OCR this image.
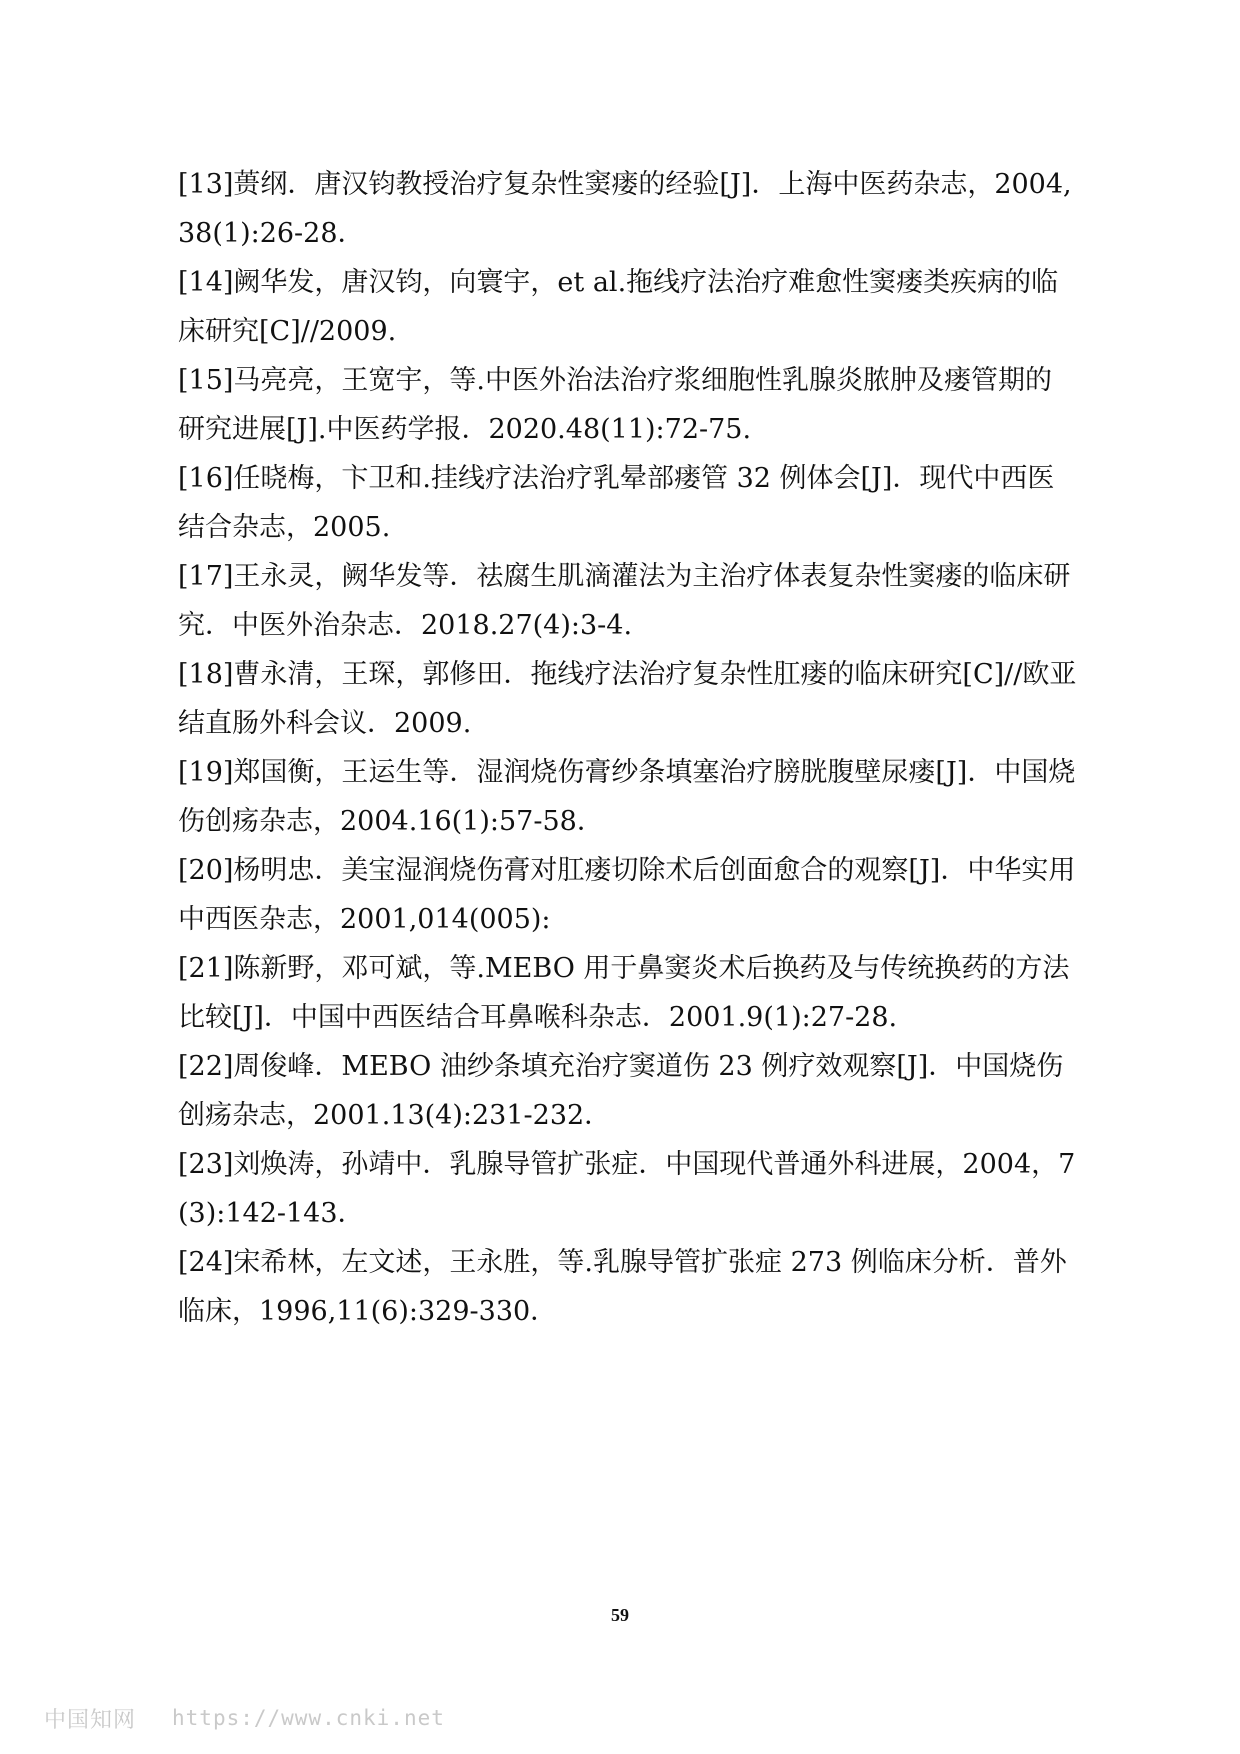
[13]蒉纲．唐汉钧教授治疗复杂性窦瘘的经验[J]．上海中医药杂志，2004,38(1):26-28．

[14]阙华发，唐汉钧，向寰宇，et al.拖线疗法治疗难愈性窦瘘类疾病的临床研究[C]//2009.

[15]马亮亮，王宽宇，等.中医外治法治疗浆细胞性乳腺炎脓肿及瘘管期的研究进展[J].中医药学报．2020.48(11):72-75.

[16]任晓梅，卞卫和.挂线疗法治疗乳晕部瘘管 32 例体会[J]．现代中西医结合杂志，2005.

[17]王永灵，阙华发等．祛腐生肌滴灌法为主治疗体表复杂性窦瘘的临床研究．中医外治杂志．2018.27(4):3-4.

[18]曹永清，王琛，郭修田．拖线疗法治疗复杂性肛瘘的临床研究[C]//欧亚结直肠外科会议．2009.

[19]郑国衡，王运生等．湿润烧伤膏纱条填塞治疗膀胱腹壁尿瘘[J]．中国烧伤创疡杂志，2004.16(1):57-58．

[20]杨明忠．美宝湿润烧伤膏对肛瘘切除术后创面愈合的观察[J]．中华实用中西医杂志，2001,014(005):

[21]陈新野，邓可斌，等.MEBO 用于鼻窦炎术后换药及与传统换药的方法比较[J]．中国中西医结合耳鼻喉科杂志．2001.9(1):27-28.

[22]周俊峰．MEBO 油纱条填充治疗窦道伤 23 例疗效观察[J]．中国烧伤创疡杂志，2001.13(4):231-232．

[23]刘焕涛，孙靖中．乳腺导管扩张症．中国现代普通外科进展，2004，7(3):142-143．

[24]宋希林，左文述，王永胜，等.乳腺导管扩张症 273 例临床分析．普外临床，1996,11(6):329-330．

59
中国知网 https://www.cnki.net
